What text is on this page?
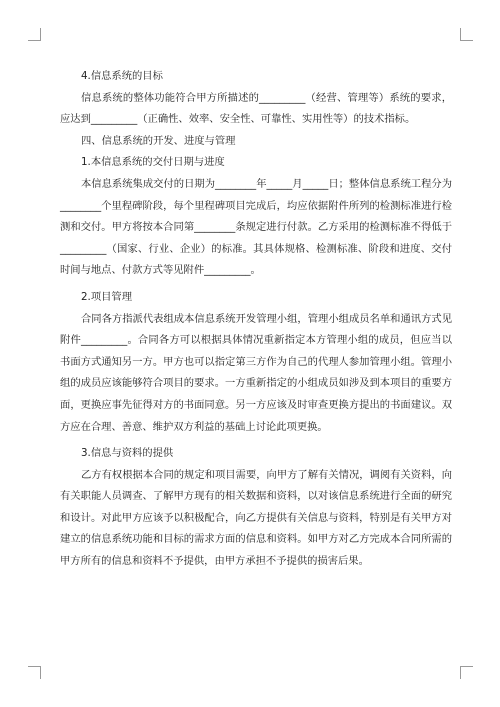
4.信息系统的目标

信息系统的整体功能符合甲方所描述的_________（经营、管理等）系统的要求，应达到_________（正确性、效率、安全性、可靠性、实用性等）的技术指标。

四、信息系统的开发、进度与管理

1.本信息系统的交付日期与进度

本信息系统集成交付的日期为________年_____月_____日；整体信息系统工程分为________个里程碑阶段，每个里程碑项目完成后，均应依据附件所列的检测标准进行检测和交付。甲方将按本合同第________条规定进行付款。乙方采用的检测标准不得低于_________（国家、行业、企业）的标准。其具体规格、检测标准、阶段和进度、交付时间与地点、付款方式等见附件_________。

2.项目管理

合同各方指派代表组成本信息系统开发管理小组，管理小组成员名单和通讯方式见附件_________。合同各方可以根据具体情况重新指定本方管理小组的成员，但应当以书面方式通知另一方。甲方也可以指定第三方作为自己的代理人参加管理小组。管理小组的成员应该能够符合项目的要求。一方重新指定的小组成员如涉及到本项目的重要方面，更换应事先征得对方的书面同意。另一方应该及时审查更换方提出的书面建议。双方应在合理、善意、维护双方利益的基础上讨论此项更换。

3.信息与资料的提供

乙方有权根据本合同的规定和项目需要，向甲方了解有关情况，调阅有关资料，向有关职能人员调查、了解甲方现有的相关数据和资料，以对该信息系统进行全面的研究和设计。对此甲方应该予以积极配合，向乙方提供有关信息与资料，特别是有关甲方对建立的信息系统功能和目标的需求方面的信息和资料。如甲方对乙方完成本合同所需的甲方所有的信息和资料不予提供，由甲方承担不予提供的损害后果。
